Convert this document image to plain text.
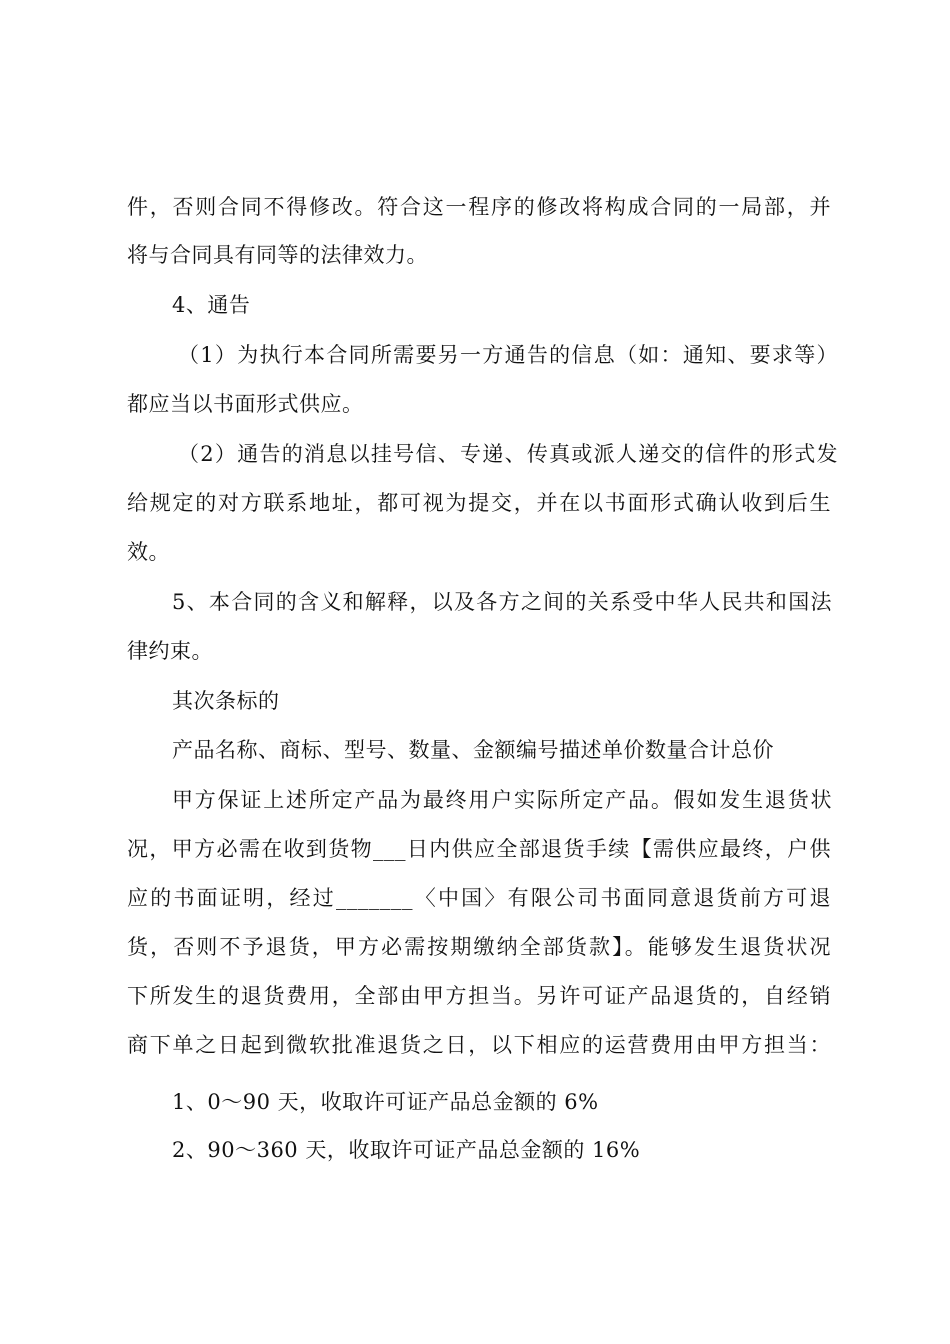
件，否则合同不得修改。符合这一程序的修改将构成合同的一局部，并
将与合同具有同等的法律效力。
4、通告
（1）为执行本合同所需要另一方通告的信息（如：通知、要求等）
都应当以书面形式供应。
（2）通告的消息以挂号信、专递、传真或派人递交的信件的形式发
给规定的对方联系地址，都可视为提交，并在以书面形式确认收到后生
效。
5、本合同的含义和解释，以及各方之间的关系受中华人民共和国法
律约束。
其次条标的
产品名称、商标、型号、数量、金额编号描述单价数量合计总价
甲方保证上述所定产品为最终用户实际所定产品。假如发生退货状
况，甲方必需在收到货物___日内供应全部退货手续【需供应最终，户供
应的书面证明，经过_______〈中国〉有限公司书面同意退货前方可退
货，否则不予退货，甲方必需按期缴纳全部货款】。能够发生退货状况
下所发生的退货费用，全部由甲方担当。另许可证产品退货的，自经销
商下单之日起到微软批准退货之日，以下相应的运营费用由甲方担当：
1、0～90 天，收取许可证产品总金额的 6%
2、90～360 天，收取许可证产品总金额的 16%
